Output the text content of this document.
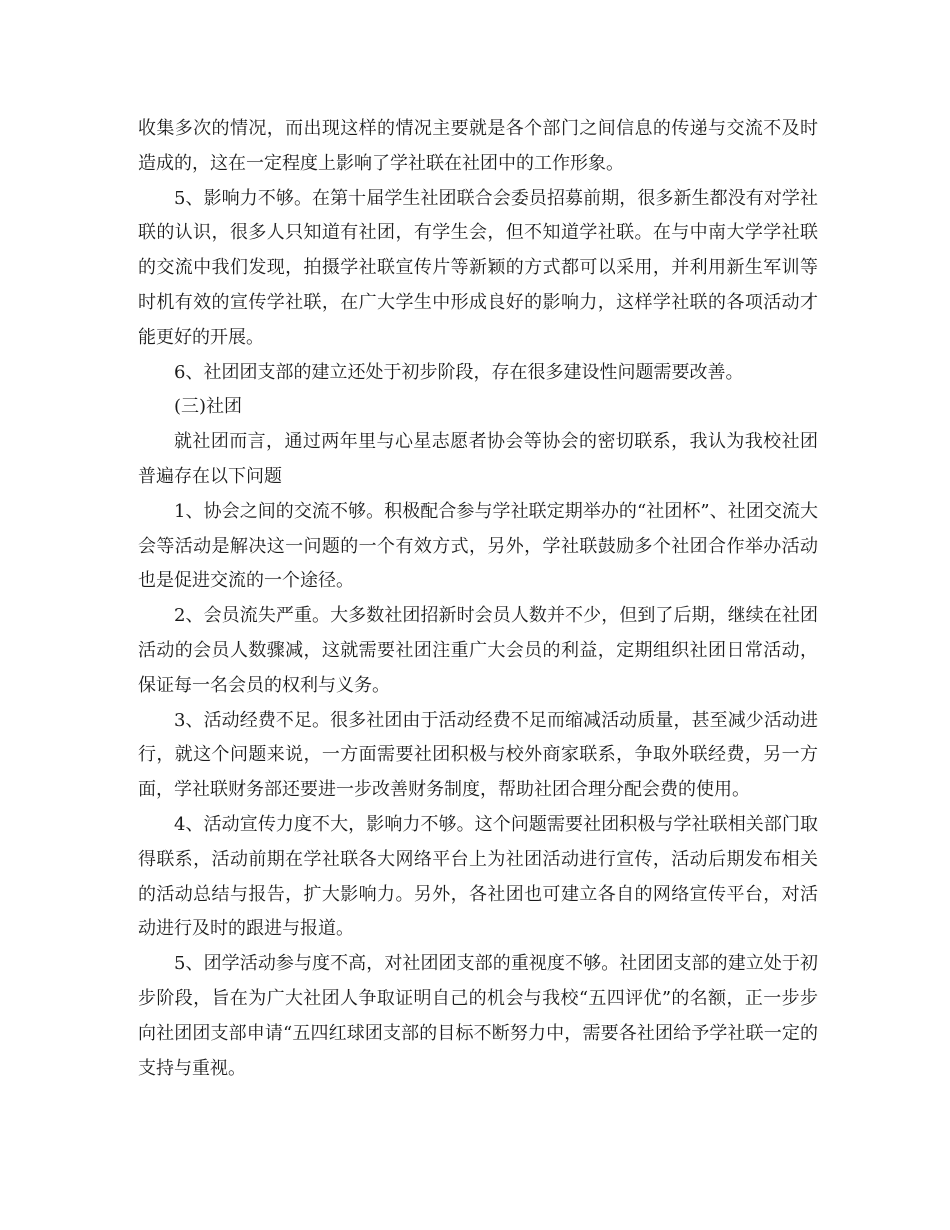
收集多次的情况，而出现这样的情况主要就是各个部门之间信息的传递与交流不及时造成的，这在一定程度上影响了学社联在社团中的工作形象。

5、影响力不够。在第十届学生社团联合会委员招募前期，很多新生都没有对学社联的认识，很多人只知道有社团，有学生会，但不知道学社联。在与中南大学学社联的交流中我们发现，拍摄学社联宣传片等新颖的方式都可以采用，并利用新生军训等时机有效的宣传学社联，在广大学生中形成良好的影响力，这样学社联的各项活动才能更好的开展。

6、社团团支部的建立还处于初步阶段，存在很多建设性问题需要改善。

(三)社团

就社团而言，通过两年里与心星志愿者协会等协会的密切联系，我认为我校社团普遍存在以下问题

1、协会之间的交流不够。积极配合参与学社联定期举办的“社团杯”、社团交流大会等活动是解决这一问题的一个有效方式，另外，学社联鼓励多个社团合作举办活动也是促进交流的一个途径。

2、会员流失严重。大多数社团招新时会员人数并不少，但到了后期，继续在社团活动的会员人数骤减，这就需要社团注重广大会员的利益，定期组织社团日常活动，保证每一名会员的权利与义务。

3、活动经费不足。很多社团由于活动经费不足而缩减活动质量，甚至减少活动进行，就这个问题来说，一方面需要社团积极与校外商家联系，争取外联经费，另一方面，学社联财务部还要进一步改善财务制度，帮助社团合理分配会费的使用。

4、活动宣传力度不大，影响力不够。这个问题需要社团积极与学社联相关部门取得联系，活动前期在学社联各大网络平台上为社团活动进行宣传，活动后期发布相关的活动总结与报告，扩大影响力。另外，各社团也可建立各自的网络宣传平台，对活动进行及时的跟进与报道。

5、团学活动参与度不高，对社团团支部的重视度不够。社团团支部的建立处于初步阶段，旨在为广大社团人争取证明自己的机会与我校“五四评优”的名额，正一步步向社团团支部申请“五四红球团支部的目标不断努力中，需要各社团给予学社联一定的支持与重视。
